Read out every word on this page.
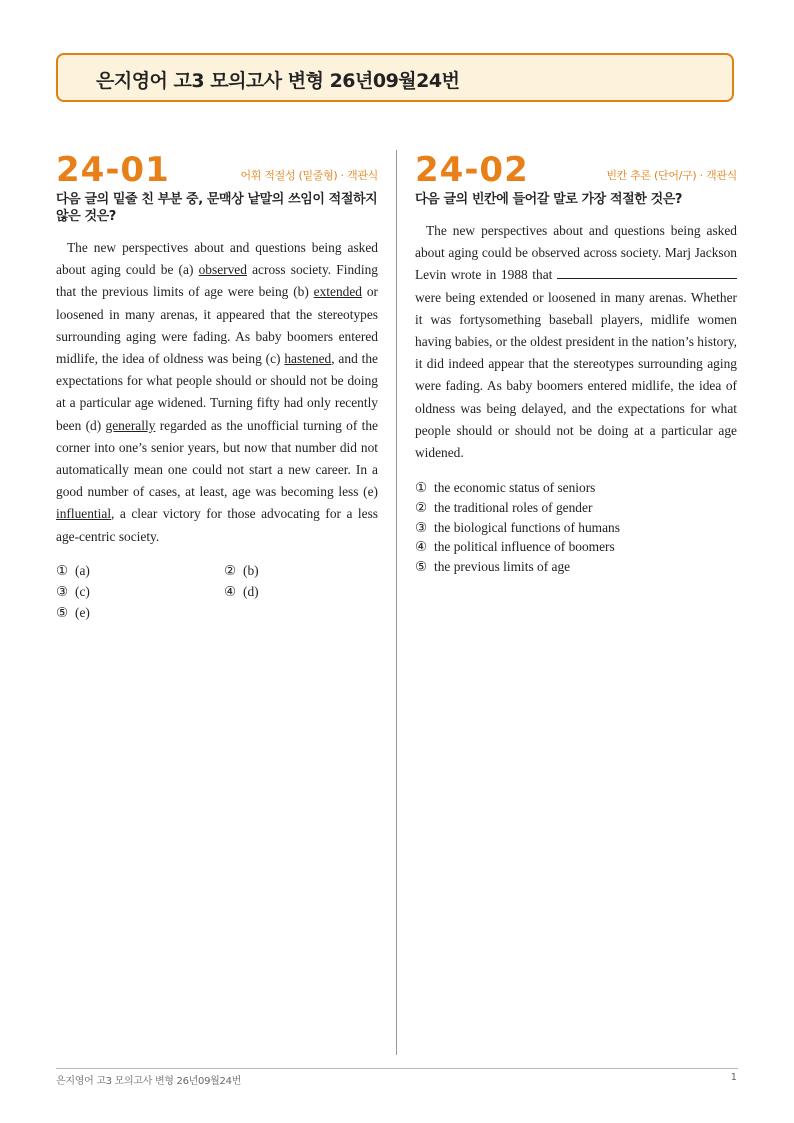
은지영어 고3 모의고사 변형 26년09월24번
24-01	어휘 적절성 (밑줄형) · 객관식
다음 글의 밑줄 친 부분 중, 문맥상 낱말의 쓰임이 적절하지 않은 것은?
The new perspectives about and questions being asked about aging could be (a) observed across society. Finding that the previous limits of age were being (b) extended or loosened in many arenas, it appeared that the stereotypes surrounding aging were fading. As baby boomers entered midlife, the idea of oldness was being (c) hastened, and the expectations for what people should or should not be doing at a particular age widened. Turning fifty had only recently been (d) generally regarded as the unofficial turning of the corner into one’s senior years, but now that number did not automatically mean one could not start a new career. In a good number of cases, at least, age was becoming less (e) influential, a clear victory for those advocating for a less age-centric society.
① (a)	② (b)
③ (c)	④ (d)
⑤ (e)
24-02	빈칸 추론 (단어/구) · 객관식
다음 글의 빈칸에 들어갈 말로 가장 적절한 것은?
The new perspectives about and questions being asked about aging could be observed across society. Marj Jackson Levin wrote in 1988 that  were being extended or loosened in many arenas. Whether it was fortysomething baseball players, midlife women having babies, or the oldest president in the nation’s history, it did indeed appear that the stereotypes surrounding aging were fading. As baby boomers entered midlife, the idea of oldness was being delayed, and the expectations for what people should or should not be doing at a particular age widened.
① the economic status of seniors
② the traditional roles of gender
③ the biological functions of humans
④ the political influence of boomers
⑤ the previous limits of age
은지영어 고3 모의고사 변형 26년09월24번	1
